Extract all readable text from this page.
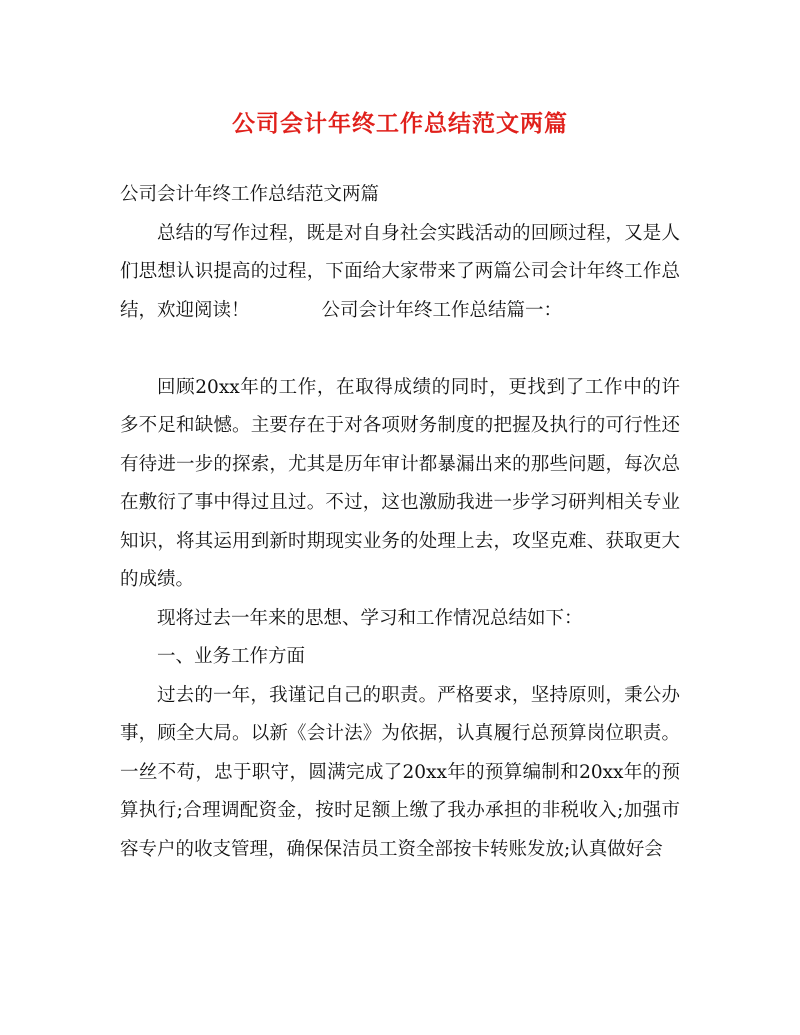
公司会计年终工作总结范文两篇

公司会计年终工作总结范文两篇

总结的写作过程，既是对自身社会实践活动的回顾过程，又是人们思想认识提高的过程，下面给大家带来了两篇公司会计年终工作总结，欢迎阅读！	公司会计年终工作总结篇一：

回顾20xx年的工作，在取得成绩的同时，更找到了工作中的许多不足和缺憾。主要存在于对各项财务制度的把握及执行的可行性还有待进一步的探索，尤其是历年审计都暴漏出来的那些问题，每次总在敷衍了事中得过且过。不过，这也激励我进一步学习研判相关专业知识，将其运用到新时期现实业务的处理上去，攻坚克难、获取更大的成绩。

现将过去一年来的思想、学习和工作情况总结如下：

一、业务工作方面

过去的一年，我谨记自己的职责。严格要求，坚持原则，秉公办事，顾全大局。以新《会计法》为依据，认真履行总预算岗位职责。一丝不苟，忠于职守，圆满完成了20xx年的预算编制和20xx年的预算执行;合理调配资金，按时足额上缴了我办承担的非税收入;加强市容专户的收支管理，确保保洁员工资全部按卡转账发放;认真做好会
